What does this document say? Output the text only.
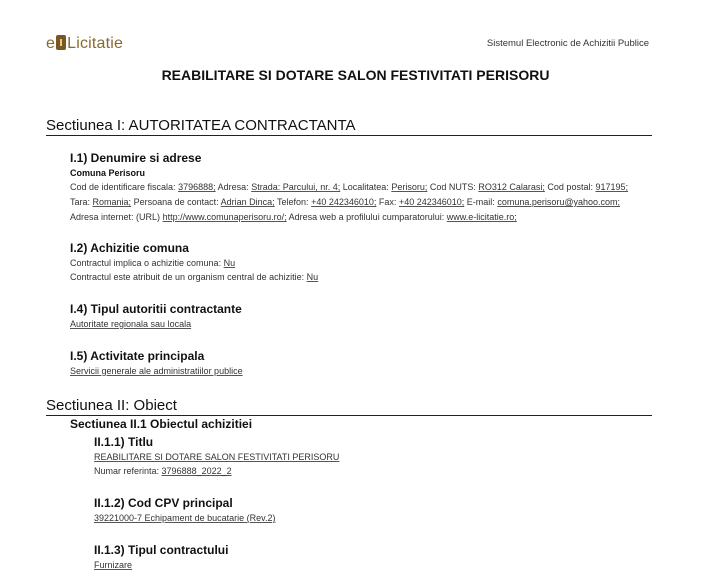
e Licitatie	Sistemul Electronic de Achizitii Publice
REABILITARE SI DOTARE SALON FESTIVITATI PERISORU
Sectiunea I: AUTORITATEA CONTRACTANTA
I.1) Denumire si adrese
Comuna Perisoru
Cod de identificare fiscala: 3796888; Adresa: Strada: Parcului, nr. 4; Localitatea: Perisoru; Cod NUTS: RO312 Calarasi; Cod postal: 917195;
Tara: Romania; Persoana de contact: Adrian Dinca; Telefon: +40 242346010; Fax: +40 242346010; E-mail: comuna.perisoru@yahoo.com;
Adresa internet: (URL) http://www.comunaperisoru.ro/; Adresa web a profilului cumparatorului: www.e-licitatie.ro;
I.2) Achizitie comuna
Contractul implica o achizitie comuna: Nu
Contractul este atribuit de un organism central de achizitie: Nu
I.4) Tipul autoritii contractante
Autoritate regionala sau locala
I.5) Activitate principala
Servicii generale ale administratiilor publice
Sectiunea II: Obiect
Sectiunea II.1 Obiectul achizitiei
II.1.1) Titlu
REABILITARE SI DOTARE SALON FESTIVITATI PERISORU
Numar referinta: 3796888_2022_2
II.1.2) Cod CPV principal
39221000-7 Echipament de bucatarie (Rev.2)
II.1.3) Tipul contractului
Furnizare
